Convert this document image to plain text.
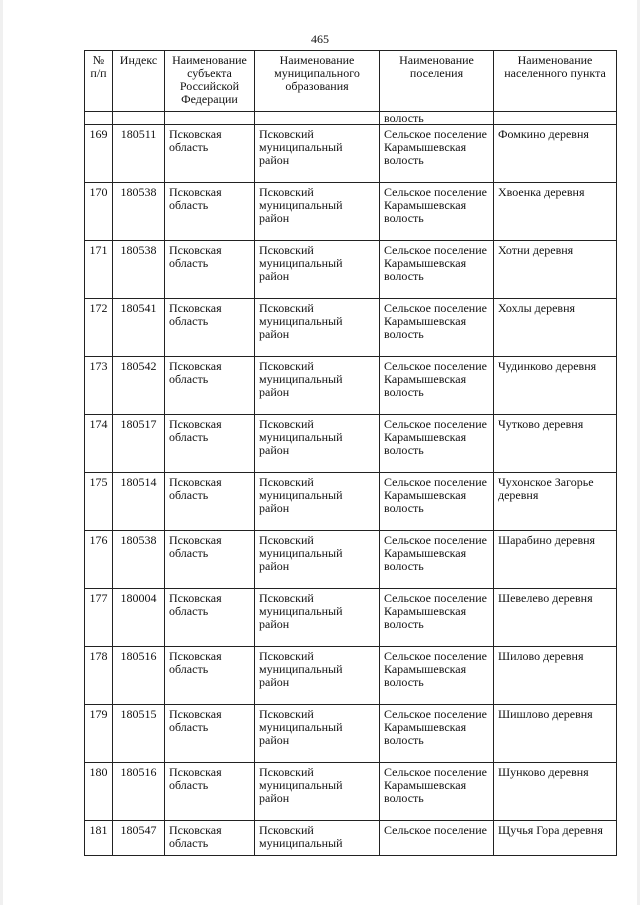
465
№ п/п	Индекс	Наименование субъекта Российской Федерации	Наименование муниципального образования	Наименование поселения	Наименование населенного пункта
				волость	
169	180511	Псковская область	Псковский муниципальный район	Сельское поселение Карамышевская волость	Фомкино деревня
170	180538	Псковская область	Псковский муниципальный район	Сельское поселение Карамышевская волость	Хвоенка деревня
171	180538	Псковская область	Псковский муниципальный район	Сельское поселение Карамышевская волость	Хотни деревня
172	180541	Псковская область	Псковский муниципальный район	Сельское поселение Карамышевская волость	Хохлы деревня
173	180542	Псковская область	Псковский муниципальный район	Сельское поселение Карамышевская волость	Чудинково деревня
174	180517	Псковская область	Псковский муниципальный район	Сельское поселение Карамышевская волость	Чутково деревня
175	180514	Псковская область	Псковский муниципальный район	Сельское поселение Карамышевская волость	Чухонское Загорье деревня
176	180538	Псковская область	Псковский муниципальный район	Сельское поселение Карамышевская волость	Шарабино деревня
177	180004	Псковская область	Псковский муниципальный район	Сельское поселение Карамышевская волость	Шевелево деревня
178	180516	Псковская область	Псковский муниципальный район	Сельское поселение Карамышевская волость	Шилово деревня
179	180515	Псковская область	Псковский муниципальный район	Сельское поселение Карамышевская волость	Шишлово деревня
180	180516	Псковская область	Псковский муниципальный район	Сельское поселение Карамышевская волость	Шунково деревня
181	180547	Псковская область	Псковский муниципальный	Сельское поселение	Щучья Гора деревня
